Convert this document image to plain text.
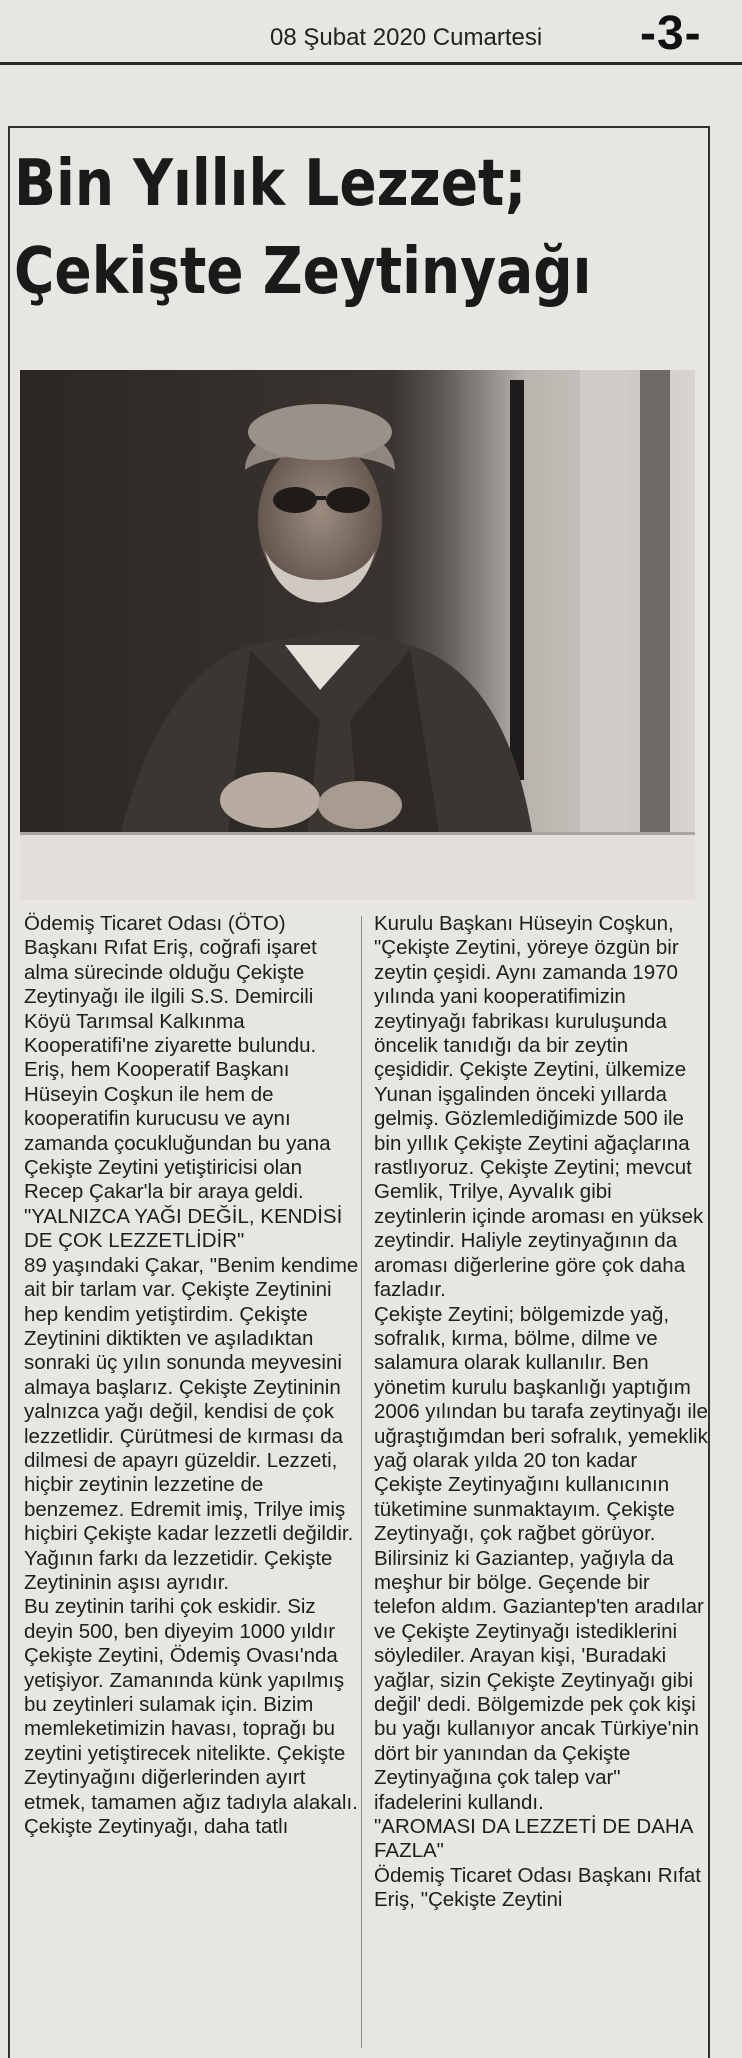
08 Şubat 2020 Cumartesi -3-
Bin Yıllık Lezzet;
Çekişte Zeytinyağı

Ödemiş Ticaret Odası (ÖTO) Başkanı Rıfat Eriş, coğrafi işaret alma sürecinde olduğu Çekişte Zeytinyağı ile ilgili S.S. Demircili Köyü Tarımsal Kalkınma Kooperatifi'ne ziyarette bulundu. Eriş, hem Kooperatif Başkanı Hüseyin Coşkun ile hem de kooperatifin kurucusu ve aynı zamanda çocukluğundan bu yana Çekişte Zeytini yetiştiricisi olan Recep Çakar'la bir araya geldi.

"YALNIZCA YAĞI DEĞİL, KENDİSİ DE ÇOK LEZZETLİDİR"

89 yaşındaki Çakar, "Benim kendime ait bir tarlam var. Çekişte Zeytinini hep kendim yetiştirdim. Çekişte Zeytinini diktikten ve aşıladıktan sonraki üç yılın sonunda meyvesini almaya başlarız. Çekişte Zeytininin yalnızca yağı değil, kendisi de çok lezzetlidir. Çürütmesi de kırması da dilmesi de apayrı güzeldir. Lezzeti, hiçbir zeytinin lezzetine de benzemez. Edremit imiş, Trilye imiş hiçbiri Çekişte kadar lezzetli değildir. Yağının farkı da lezzetidir. Çekişte Zeytininin aşısı ayrıdır.

Bu zeytinin tarihi çok eskidir. Siz deyin 500, ben diyeyim 1000 yıldır Çekişte Zeytini, Ödemiş Ovası'nda yetişiyor. Zamanında künk yapılmış bu zeytinleri sulamak için. Bizim memleketimizin havası, toprağı bu zeytini yetiştirecek nitelikte. Çekişte Zeytinyağını diğerlerinden ayırt etmek, tamamen ağız tadıyla alakalı. Çekişte Zeytinyağı, daha tatlı

Kurulu Başkanı Hüseyin Coşkun, "Çekişte Zeytini, yöreye özgün bir zeytin çeşidi. Aynı zamanda 1970 yılında yani kooperatifimizin zeytinyağı fabrikası kuruluşunda öncelik tanıdığı da bir zeytin çeşididir. Çekişte Zeytini, ülkemize Yunan işgalinden önceki yıllarda gelmiş. Gözlemlediğimizde 500 ile bin yıllık Çekişte Zeytini ağaçlarına rastlıyoruz. Çekişte Zeytini; mevcut Gemlik, Trilye, Ayvalık gibi zeytinlerin içinde aroması en yüksek zeytindir. Haliyle zeytinyağının da aroması diğerlerine göre çok daha fazladır.

Çekişte Zeytini; bölgemizde yağ, sofralık, kırma, bölme, dilme ve salamura olarak kullanılır. Ben yönetim kurulu başkanlığı yaptığım 2006 yılından bu tarafa zeytinyağı ile uğraştığımdan beri sofralık, yemeklik yağ olarak yılda 20 ton kadar Çekişte Zeytinyağını kullanıcının tüketimine sunmaktayım. Çekişte Zeytinyağı, çok rağbet görüyor. Bilirsiniz ki Gaziantep, yağıyla da meşhur bir bölge. Geçende bir telefon aldım. Gaziantep'ten aradılar ve Çekişte Zeytinyağı istediklerini söylediler. Arayan kişi, 'Buradaki yağlar, sizin Çekişte Zeytinyağı gibi değil' dedi. Bölgemizde pek çok kişi bu yağı kullanıyor ancak Türkiye'nin dört bir yanından da Çekişte Zeytinyağına çok talep var" ifadelerini kullandı.

"AROMASI DA LEZZETİ DE DAHA FAZLA"

Ödemiş Ticaret Odası Başkanı Rıfat Eriş, "Çekişte Zeytini
